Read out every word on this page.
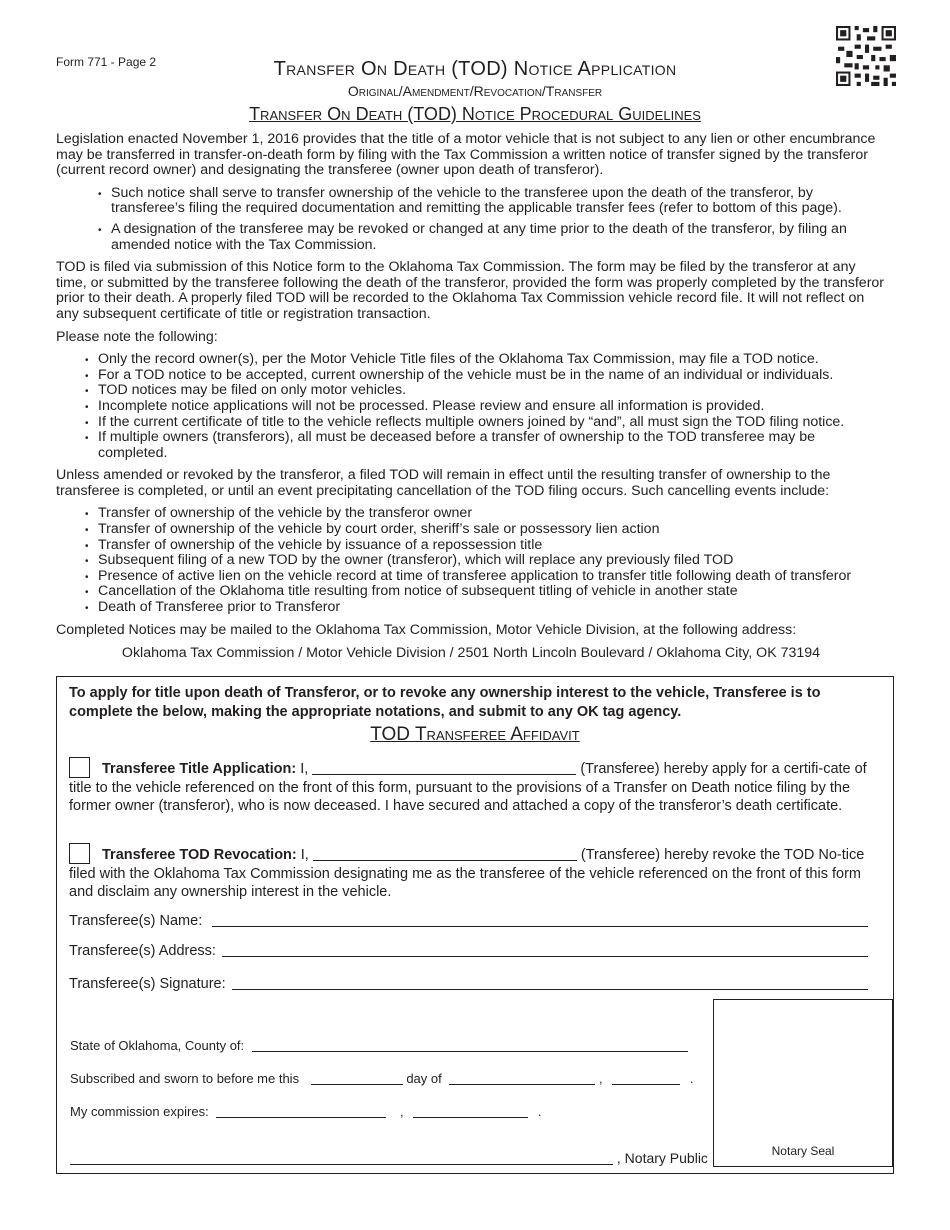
Form 771 - Page 2	Transfer On Death (TOD) Notice Application
Original/Amendment/Revocation/Transfer
Transfer On Death (TOD) Notice Procedural Guidelines

Legislation enacted November 1, 2016 provides that the title of a motor vehicle that is not subject to any lien or other encumbrance may be transferred in transfer-on-death form by filing with the Tax Commission a written notice of transfer signed by the transferor (current record owner) and designating the transferee (owner upon death of transferor).

• Such notice shall serve to transfer ownership of the vehicle to the transferee upon the death of the transferor, by transferee’s filing the required documentation and remitting the applicable transfer fees (refer to bottom of this page).
• A designation of the transferee may be revoked or changed at any time prior to the death of the transferor, by filing an amended notice with the Tax Commission.

TOD is filed via submission of this Notice form to the Oklahoma Tax Commission. The form may be filed by the transferor at any time, or submitted by the transferee following the death of the transferor, provided the form was properly completed by the transferor prior to their death. A properly filed TOD will be recorded to the Oklahoma Tax Commission vehicle record file. It will not reflect on any subsequent certificate of title or registration transaction.

Please note the following:

• Only the record owner(s), per the Motor Vehicle Title files of the Oklahoma Tax Commission, may file a TOD notice.
• For a TOD notice to be accepted, current ownership of the vehicle must be in the name of an individual or individuals.
• TOD notices may be filed on only motor vehicles.
• Incomplete notice applications will not be processed. Please review and ensure all information is provided.
• If the current certificate of title to the vehicle reflects multiple owners joined by “and”, all must sign the TOD filing notice.
• If multiple owners (transferors), all must be deceased before a transfer of ownership to the TOD transferee may be completed.

Unless amended or revoked by the transferor, a filed TOD will remain in effect until the resulting transfer of ownership to the transferee is completed, or until an event precipitating cancellation of the TOD filing occurs. Such cancelling events include:

• Transfer of ownership of the vehicle by the transferor owner
• Transfer of ownership of the vehicle by court order, sheriff’s sale or possessory lien action
• Transfer of ownership of the vehicle by issuance of a repossession title
• Subsequent filing of a new TOD by the owner (transferor), which will replace any previously filed TOD
• Presence of active lien on the vehicle record at time of transferee application to transfer title following death of transferor
• Cancellation of the Oklahoma title resulting from notice of subsequent titling of vehicle in another state
• Death of Transferee prior to Transferor

Completed Notices may be mailed to the Oklahoma Tax Commission, Motor Vehicle Division, at the following address:

Oklahoma Tax Commission / Motor Vehicle Division / 2501 North Lincoln Boulevard / Oklahoma City, OK 73194

To apply for title upon death of Transferor, or to revoke any ownership interest to the vehicle, Transferee is to complete the below, making the appropriate notations, and submit to any OK tag agency.
TOD Transferee Affidavit
Transferee Title Application: I,	(Transferee) hereby apply for a certifi-cate of title to the vehicle referenced on the front of this form, pursuant to the provisions of a Transfer on Death notice filing by the former owner (transferor), who is now deceased. I have secured and attached a copy of the transferor’s death certificate.
Transferee TOD Revocation: I,	(Transferee) hereby revoke the TOD No-tice filed with the Oklahoma Tax Commission designating me as the transferee of the vehicle referenced on the front of this form and disclaim any ownership interest in the vehicle.
Transferee(s) Name:
Transferee(s) Address:
Transferee(s) Signature:
State of Oklahoma, County of:
Subscribed and sworn to before me this	day of	,	.
My commission expires:	,	.
, Notary Public	Notary Seal
